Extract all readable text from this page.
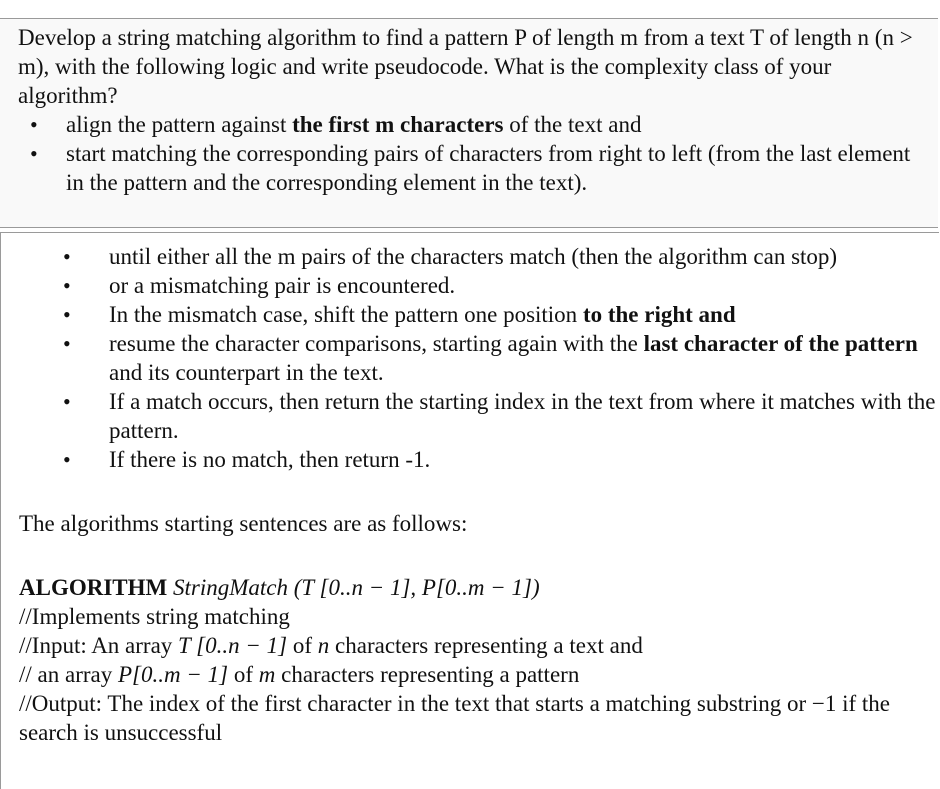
Develop a string matching algorithm to find a pattern P of length m from a text T of length n (n > m), with the following logic and write pseudocode. What is the complexity class of your algorithm?

• align the pattern against the first m characters of the text and
• start matching the corresponding pairs of characters from right to left (from the last element in the pattern and the corresponding element in the text).
• until either all the m pairs of the characters match (then the algorithm can stop)
• or a mismatching pair is encountered.
• In the mismatch case, shift the pattern one position to the right and
• resume the character comparisons, starting again with the last character of the pattern and its counterpart in the text.
• If a match occurs, then return the starting index in the text from where it matches with the pattern.
• If there is no match, then return -1.

The algorithms starting sentences are as follows:

ALGORITHM StringMatch (T [0..n − 1], P[0..m − 1])

//Implements string matching

//Input: An array T [0..n − 1] of n characters representing a text and

// an array P[0..m − 1] of m characters representing a pattern

//Output: The index of the first character in the text that starts a matching substring or −1 if the search is unsuccessful
